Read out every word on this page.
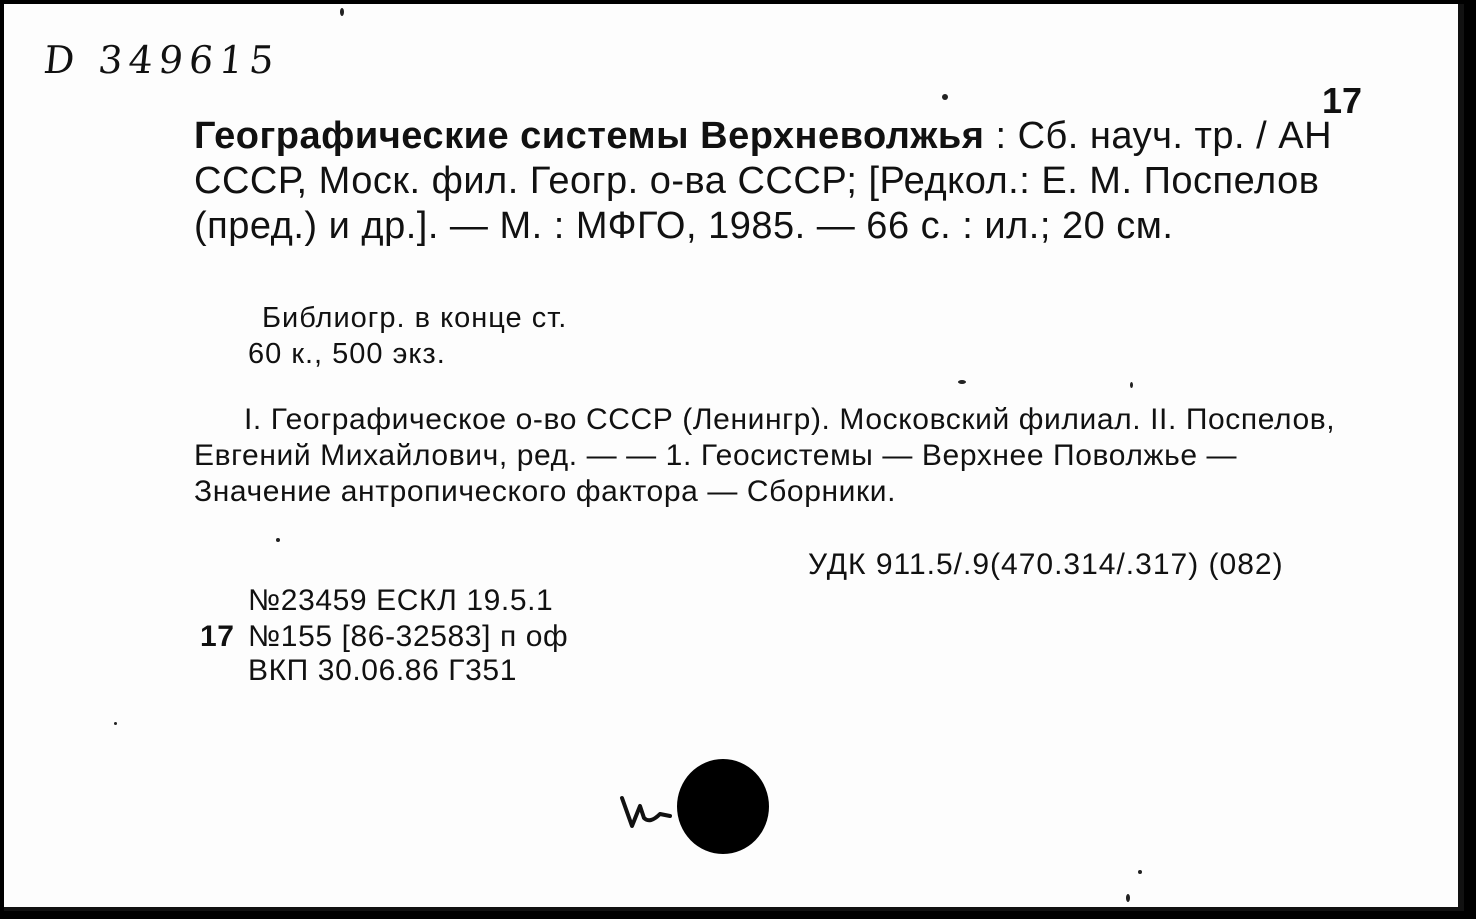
D 349615
17
Географические системы Верхневолжья : Сб. науч. тр. / АН СССР, Моск. фил. Геогр. о-ва СССР; [Редкол.: Е. М. Поспелов (пред.) и др.]. — М. : МФГО, 1985. — 66 с. : ил.; 20 см.
Библиогр. в конце ст.
60 к., 500 экз.
I. Географическое о-во СССР (Ленингр). Московский филиал. II. Поспелов, Евгений Михайлович, ред. — — 1. Геосистемы — Верхнее Поволжье — Значение антропического фактора — Сборники.
УДК 911.5/.9(470.314/.317) (082)
№23459 ЕСКЛ 19.5.1
17 №155 [86-32583] п оф
ВКП 30.06.86 Г351
